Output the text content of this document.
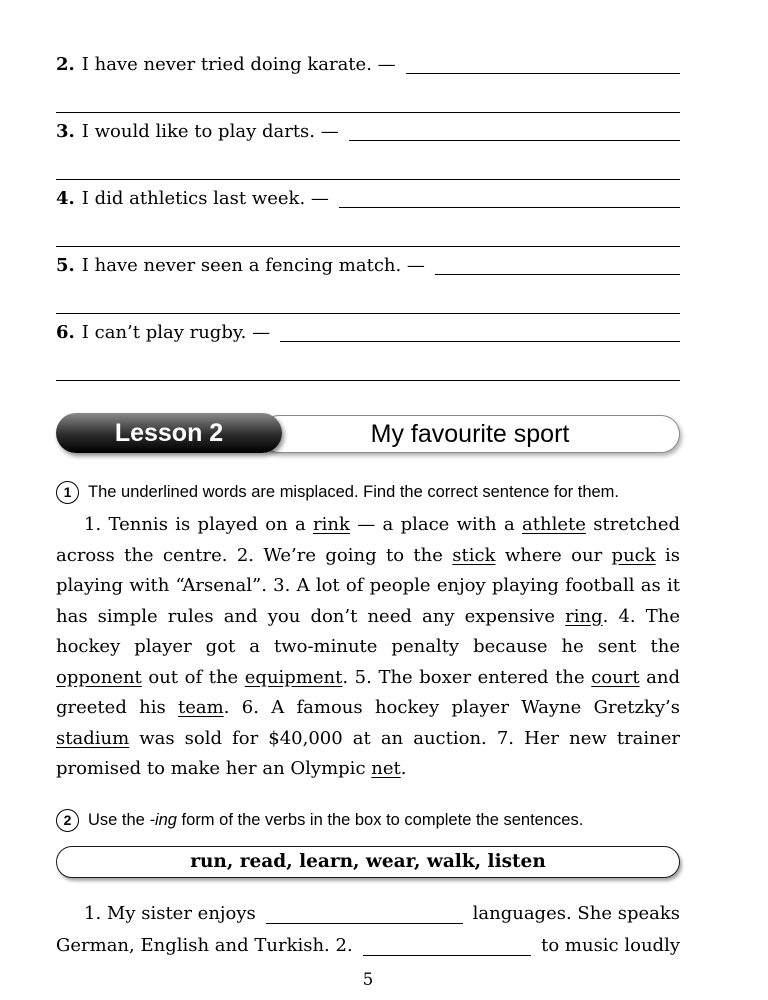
2. I have never tried doing karate. —
3. I would like to play darts. —
4. I did athletics last week. —
5. I have never seen a fencing match. —
6. I can’t play rugby. —
Lesson 2	My favourite sport
1	The underlined words are misplaced. Find the correct sentence for them.

1. Tennis is played on a rink — a place with a athlete stretched across the centre. 2. We’re going to the stick where our puck is playing with “Arsenal”. 3. A lot of people enjoy playing football as it has simple rules and you don’t need any expensive ring. 4. The hockey player got a two-minute penalty because he sent the opponent out of the equipment. 5. The boxer entered the court and greeted his team. 6. A famous hockey player Wayne Gretzky’s stadium was sold for $40,000 at an auction. 7. Her new trainer promised to make her an Olympic net.

2	Use the -ing form of the verbs in the box to complete the sentences.
run, read, learn, wear, walk, listen
1. My sister enjoys	languages. She speaks
German, English and Turkish. 2.	to music loudly
5
